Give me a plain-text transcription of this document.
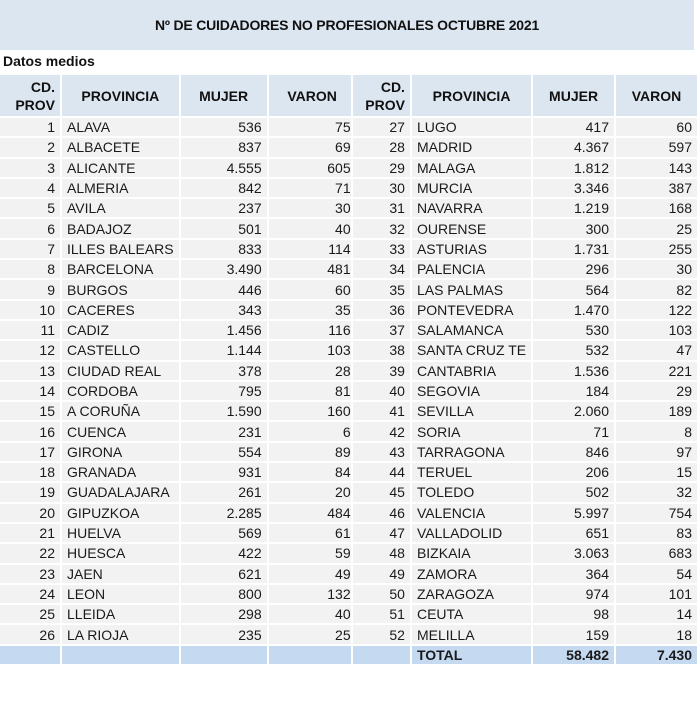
Nº DE CUIDADORES NO PROFESIONALES OCTUBRE 2021
Datos medios
CD.
PROV	PROVINCIA	MUJER	VARON
1	ALAVA	536	75
2	ALBACETE	837	69
3	ALICANTE	4.555	605
4	ALMERIA	842	71
5	AVILA	237	30
6	BADAJOZ	501	40
7	ILLES BALEARS	833	114
8	BARCELONA	3.490	481
9	BURGOS	446	60
10	CACERES	343	35
11	CADIZ	1.456	116
12	CASTELLO	1.144	103
13	CIUDAD REAL	378	28
14	CORDOBA	795	81
15	A CORUÑA	1.590	160
16	CUENCA	231	6
17	GIRONA	554	89
18	GRANADA	931	84
19	GUADALAJARA	261	20
20	GIPUZKOA	2.285	484
21	HUELVA	569	61
22	HUESCA	422	59
23	JAEN	621	49
24	LEON	800	132
25	LLEIDA	298	40
26	LA RIOJA	235	25

CD.
PROV	PROVINCIA	MUJER	VARON
27	LUGO	417	60
28	MADRID	4.367	597
29	MALAGA	1.812	143
30	MURCIA	3.346	387
31	NAVARRA	1.219	168
32	OURENSE	300	25
33	ASTURIAS	1.731	255
34	PALENCIA	296	30
35	LAS PALMAS	564	82
36	PONTEVEDRA	1.470	122
37	SALAMANCA	530	103
38	SANTA CRUZ TE	532	47
39	CANTABRIA	1.536	221
40	SEGOVIA	184	29
41	SEVILLA	2.060	189
42	SORIA	71	8
43	TARRAGONA	846	97
44	TERUEL	206	15
45	TOLEDO	502	32
46	VALENCIA	5.997	754
47	VALLADOLID	651	83
48	BIZKAIA	3.063	683
49	ZAMORA	364	54
50	ZARAGOZA	974	101
51	CEUTA	98	14
52	MELILLA	159	18
	TOTAL	58.482	7.430
